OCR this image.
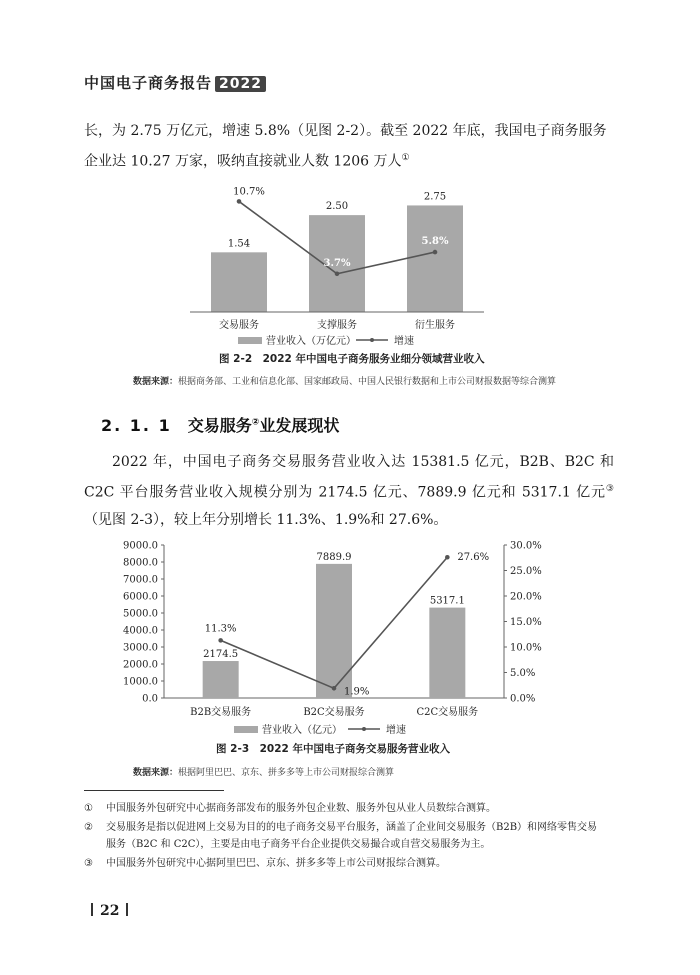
中国电子商务报告 2022

长，为 2.75 万亿元，增速 5.8%（见图 2-2）。截至 2022 年底，我国电子商务服务

企业达 10.27 万家，吸纳直接就业人数 1206 万人①

1.54
交易服务
2.50
支撑服务
2.75
衍生服务
10.7%
3.7%
5.8%
营业收入（万亿元）	增速
图 2-2　2022 年中国电子商务服务业细分领域营业收入
数据来源：根据商务部、工业和信息化部、国家邮政局、中国人民银行数据和上市公司财报数据等综合测算
2. 1. 1 交易服务②业发展现状

2022 年，中国电子商务交易服务营业收入达 15381.5 亿元，B2B、B2C 和 C2C 平台服务营业收入规模分别为 2174.5 亿元、7889.9 亿元和 5317.1 亿元③（见图 2-3），较上年分别增长 11.3%、1.9%和 27.6%。

0.0
1000.0
2000.0
3000.0
4000.0
5000.0
6000.0
7000.0
8000.0
9000.0
0.0%
5.0%
10.0%
15.0%
20.0%
25.0%
30.0%
2174.5
B2B交易服务
7889.9
B2C交易服务
5317.1
C2C交易服务
11.3%
1.9%
27.6%
营业收入（亿元）	增速
图 2-3　2022 年中国电子商务交易服务营业收入
数据来源：根据阿里巴巴、京东、拼多多等上市公司财报综合测算
①	中国服务外包研究中心据商务部发布的服务外包企业数、服务外包从业人员数综合测算。
②	交易服务是指以促进网上交易为目的的电子商务交易平台服务，涵盖了企业间交易服务（B2B）和网络零售交易服务（B2C 和 C2C），主要是由电子商务平台企业提供交易撮合或自营交易服务为主。
③	中国服务外包研究中心据阿里巴巴、京东、拼多多等上市公司财报综合测算。
22
